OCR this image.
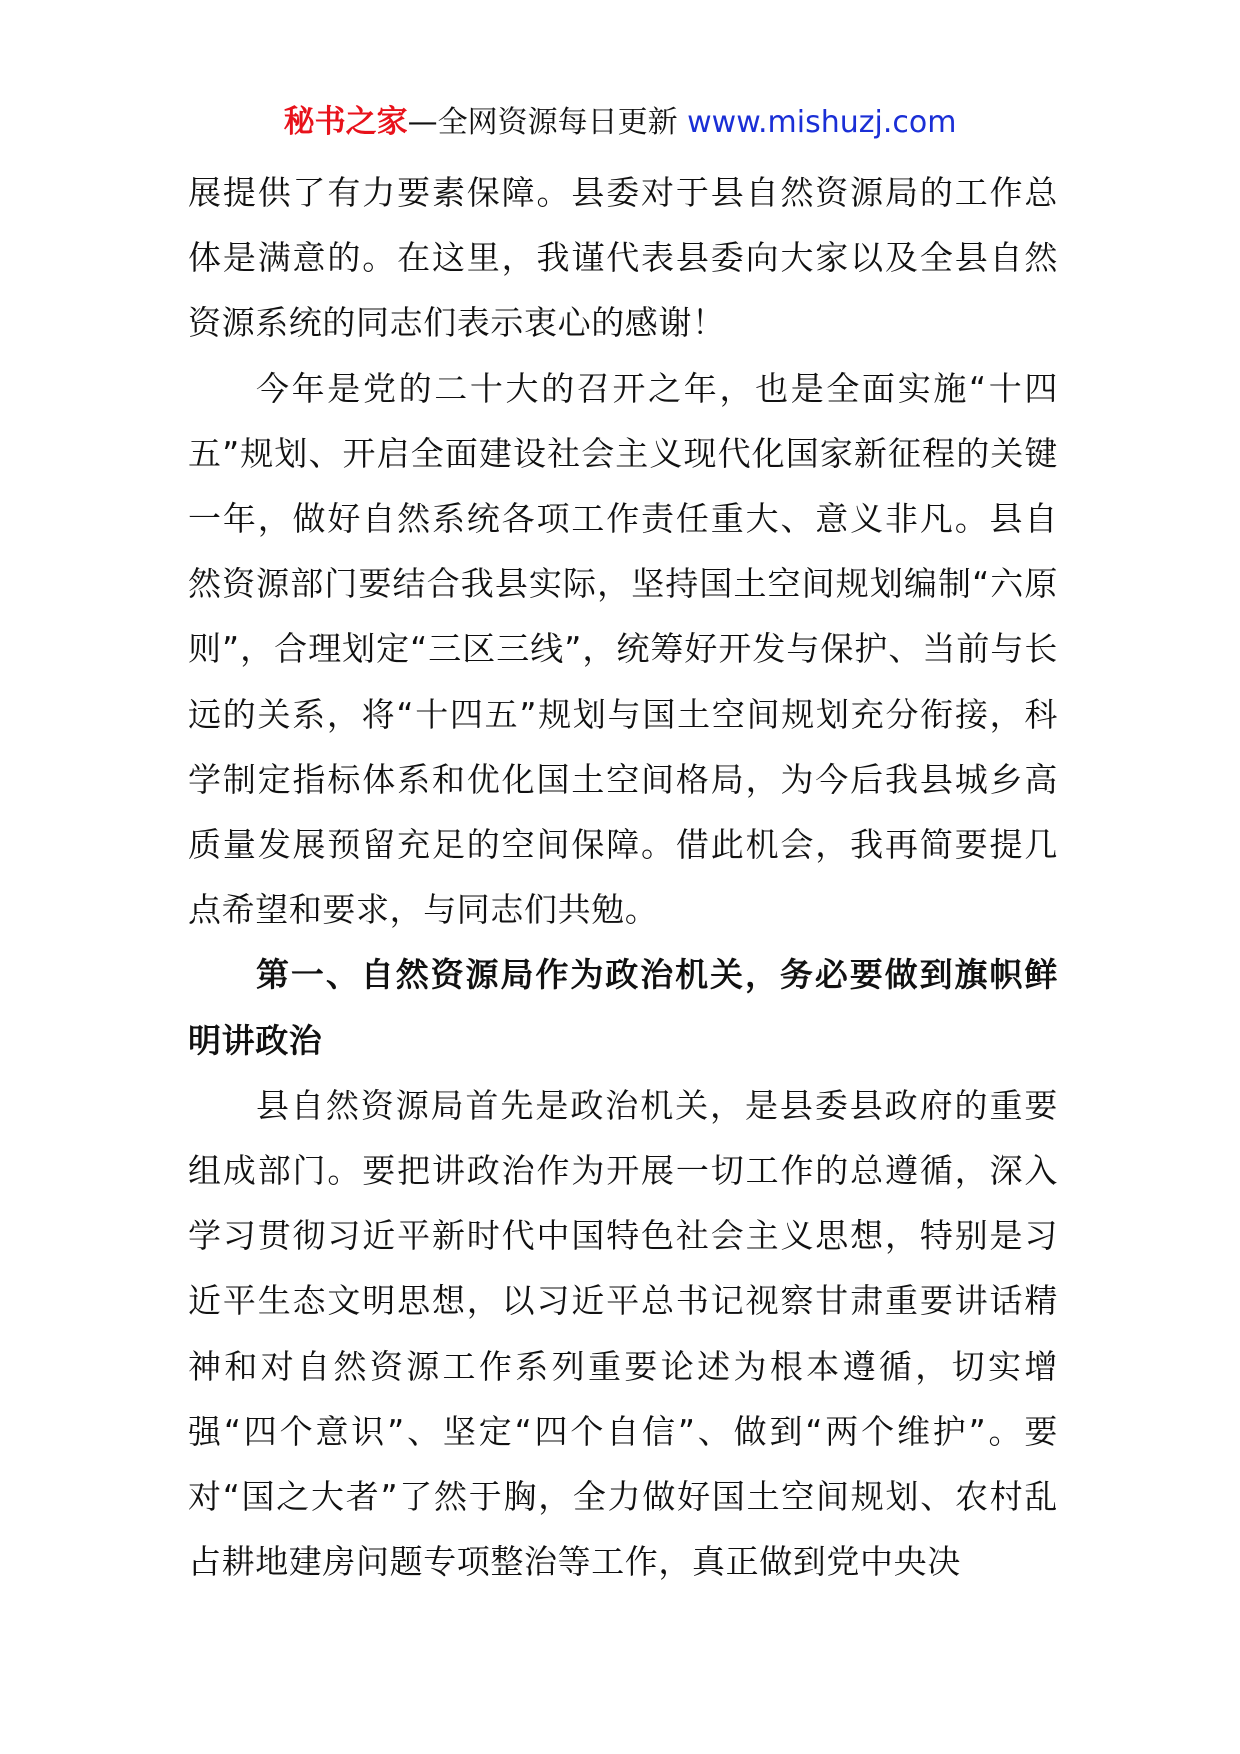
秘书之家—全网资源每日更新 www.mishuzj.com

展提供了有力要素保障。县委对于县自然资源局的工作总体是满意的。在这里，我谨代表县委向大家以及全县自然资源系统的同志们表示衷心的感谢！

今年是党的二十大的召开之年，也是全面实施“十四五”规划、开启全面建设社会主义现代化国家新征程的关键一年，做好自然系统各项工作责任重大、意义非凡。县自然资源部门要结合我县实际，坚持国土空间规划编制“六原则”，合理划定“三区三线”，统筹好开发与保护、当前与长远的关系，将“十四五”规划与国土空间规划充分衔接，科学制定指标体系和优化国土空间格局，为今后我县城乡高质量发展预留充足的空间保障。借此机会，我再简要提几点希望和要求，与同志们共勉。

第一、自然资源局作为政治机关，务必要做到旗帜鲜明讲政治

县自然资源局首先是政治机关，是县委县政府的重要组成部门。要把讲政治作为开展一切工作的总遵循，深入学习贯彻习近平新时代中国特色社会主义思想，特别是习近平生态文明思想，以习近平总书记视察甘肃重要讲话精神和对自然资源工作系列重要论述为根本遵循，切实增强“四个意识”、坚定“四个自信”、做到“两个维护”。要对“国之大者”了然于胸，全力做好国土空间规划、农村乱占耕地建房问题专项整治等工作，真正做到党中央决
